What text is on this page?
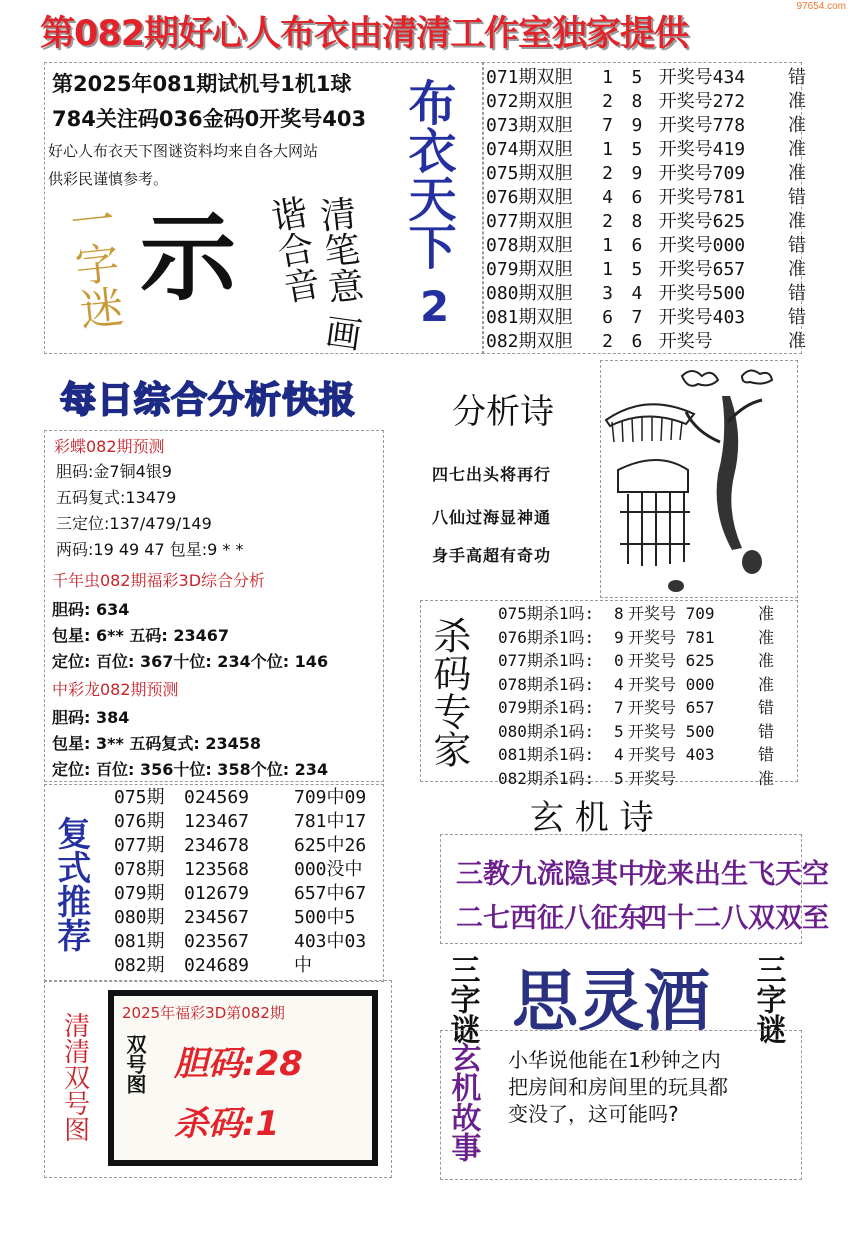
第082期好心人布衣由清清工作室独家提供
97654.com
第2025年081期试机号1机1球
784关注码036金码0开奖号403
好心人布衣天下图谜资料均来自各大网站
供彩民谨慎参考。
一字迷 示 谐合音
清笔意
画
布衣天下
2
071期双胆	1	5 开奖号434	错
072期双胆	2	8 开奖号272	准
073期双胆	7	9 开奖号778	准
074期双胆	1	5 开奖号419	准
075期双胆	2	9 开奖号709	准
076期双胆	4	6 开奖号781	错
077期双胆	2	8 开奖号625	准
078期双胆	1	6 开奖号000	错
079期双胆	1	5 开奖号657	准
080期双胆	3	4 开奖号500	错
081期双胆	6	7 开奖号403	错
082期双胆	2	6 开奖号	准
每日综合分析快报
彩蝶082期预测
胆码:金7铜4银9
五码复式:13479
三定位:137/479/149
两码:19 49 47 包星:9 * *
千年虫082期福彩3D综合分析
胆码: 634
包星: 6** 五码: 23467
定位: 百位: 367十位: 234个位: 146
中彩龙082期预测
胆码: 384
包星: 3** 五码复式: 23458
定位: 百位: 356十位: 358个位: 234
分析诗
四七出头将再行
八仙过海显神通
身手高超有奇功
杀码专家
075期杀1吗:	8 开奖号 709	准
076期杀1吗:	9 开奖号 781	准
077期杀1吗:	0 开奖号 625	准
078期杀1码:	4 开奖号 000	准
079期杀1码:	7 开奖号 657	错
080期杀1码:	5 开奖号 500	错
081期杀1码:	4 开奖号 403	错
082期杀1码:	5 开奖号	准
复式推荐
075期	024569	709中09
076期	123467	781中17
077期	234678	625中26
078期	123568	000没中
079期	012679	657中67
080期	234567	500中5
081期	023567	403中03
082期	024689	中
玄 机 诗
三教九流隐其中
龙来出生飞天空
二七西征八征东
四十二八双双至
清清双号图	2025年福彩3D第082期
双号图 胆码:28
杀码:1
三字谜 思灵酒 三字谜
玄机故事	小华说他能在1秒钟之内
把房间和房间里的玩具都
变没了，这可能吗?
